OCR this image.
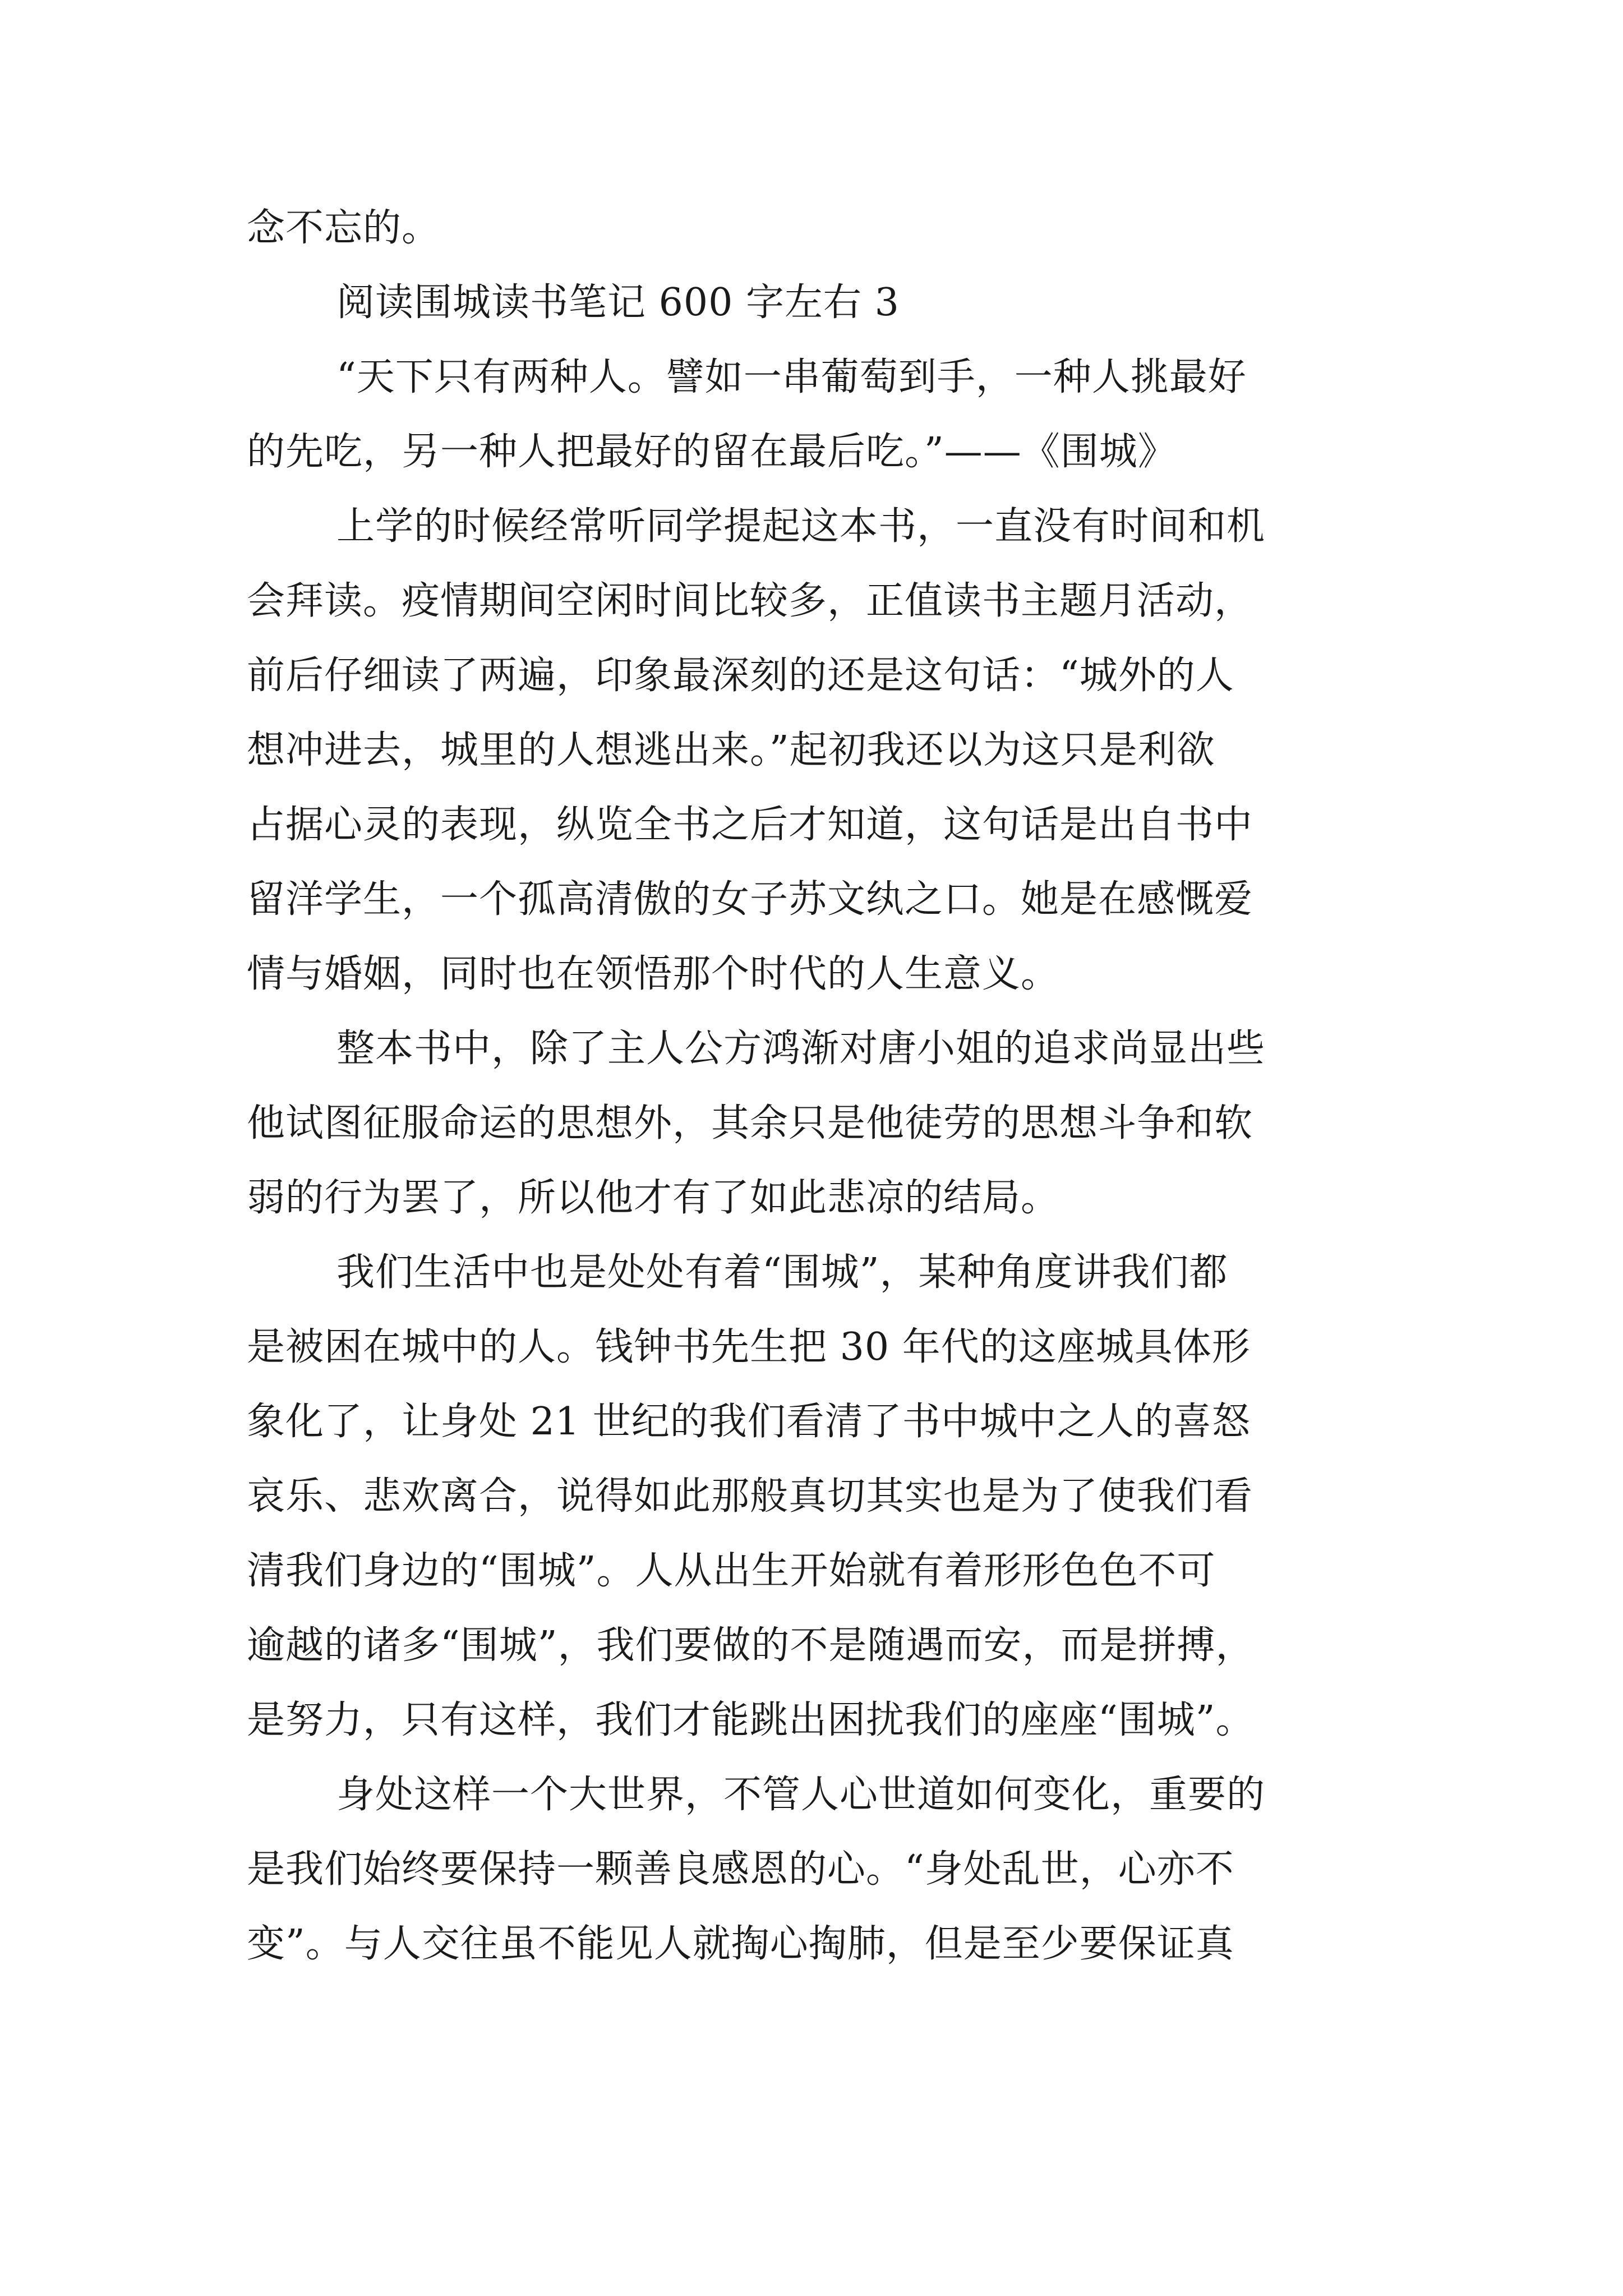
念不忘的。
阅读围城读书笔记 600 字左右 3
“天下只有两种人。譬如一串葡萄到手，一种人挑最好
的先吃，另一种人把最好的留在最后吃。”——《围城》
上学的时候经常听同学提起这本书，一直没有时间和机
会拜读。疫情期间空闲时间比较多，正值读书主题月活动，
前后仔细读了两遍，印象最深刻的还是这句话：“城外的人
想冲进去，城里的人想逃出来。”起初我还以为这只是利欲
占据心灵的表现，纵览全书之后才知道，这句话是出自书中
留洋学生，一个孤高清傲的女子苏文纨之口。她是在感慨爱
情与婚姻，同时也在领悟那个时代的人生意义。
整本书中，除了主人公方鸿渐对唐小姐的追求尚显出些
他试图征服命运的思想外，其余只是他徒劳的思想斗争和软
弱的行为罢了，所以他才有了如此悲凉的结局。
我们生活中也是处处有着“围城”，某种角度讲我们都
是被困在城中的人。钱钟书先生把 30 年代的这座城具体形
象化了，让身处 21 世纪的我们看清了书中城中之人的喜怒
哀乐、悲欢离合，说得如此那般真切其实也是为了使我们看
清我们身边的“围城”。人从出生开始就有着形形色色不可
逾越的诸多“围城”，我们要做的不是随遇而安，而是拼搏，
是努力，只有这样，我们才能跳出困扰我们的座座“围城”。
身处这样一个大世界，不管人心世道如何变化，重要的
是我们始终要保持一颗善良感恩的心。“身处乱世，心亦不
变”。与人交往虽不能见人就掏心掏肺，但是至少要保证真
